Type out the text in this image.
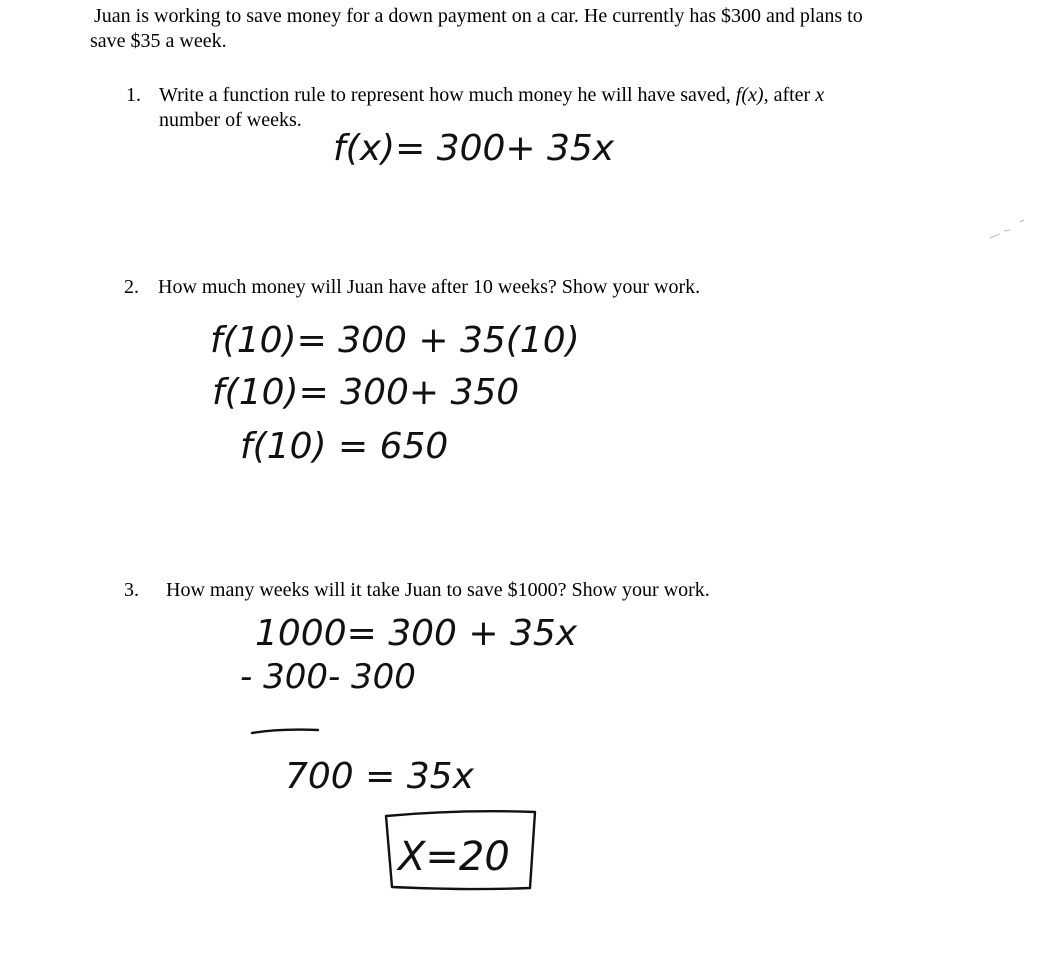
Juan is working to save money for a down payment on a car. He currently has $300 and plans to
save $35 a week.
1. Write a function rule to represent how much money he will have saved, f(x), after x
number of weeks.
2. How much money will Juan have after 10 weeks? Show your work.
3. How many weeks will it take Juan to save $1000? Show your work.
f(x)= 300+ 35x
f(10)= 300 + 35(10)
f(10)= 300+ 350
f(10) = 650
1000= 300 + 35x
- 300- 300
700 = 35x
X=20
